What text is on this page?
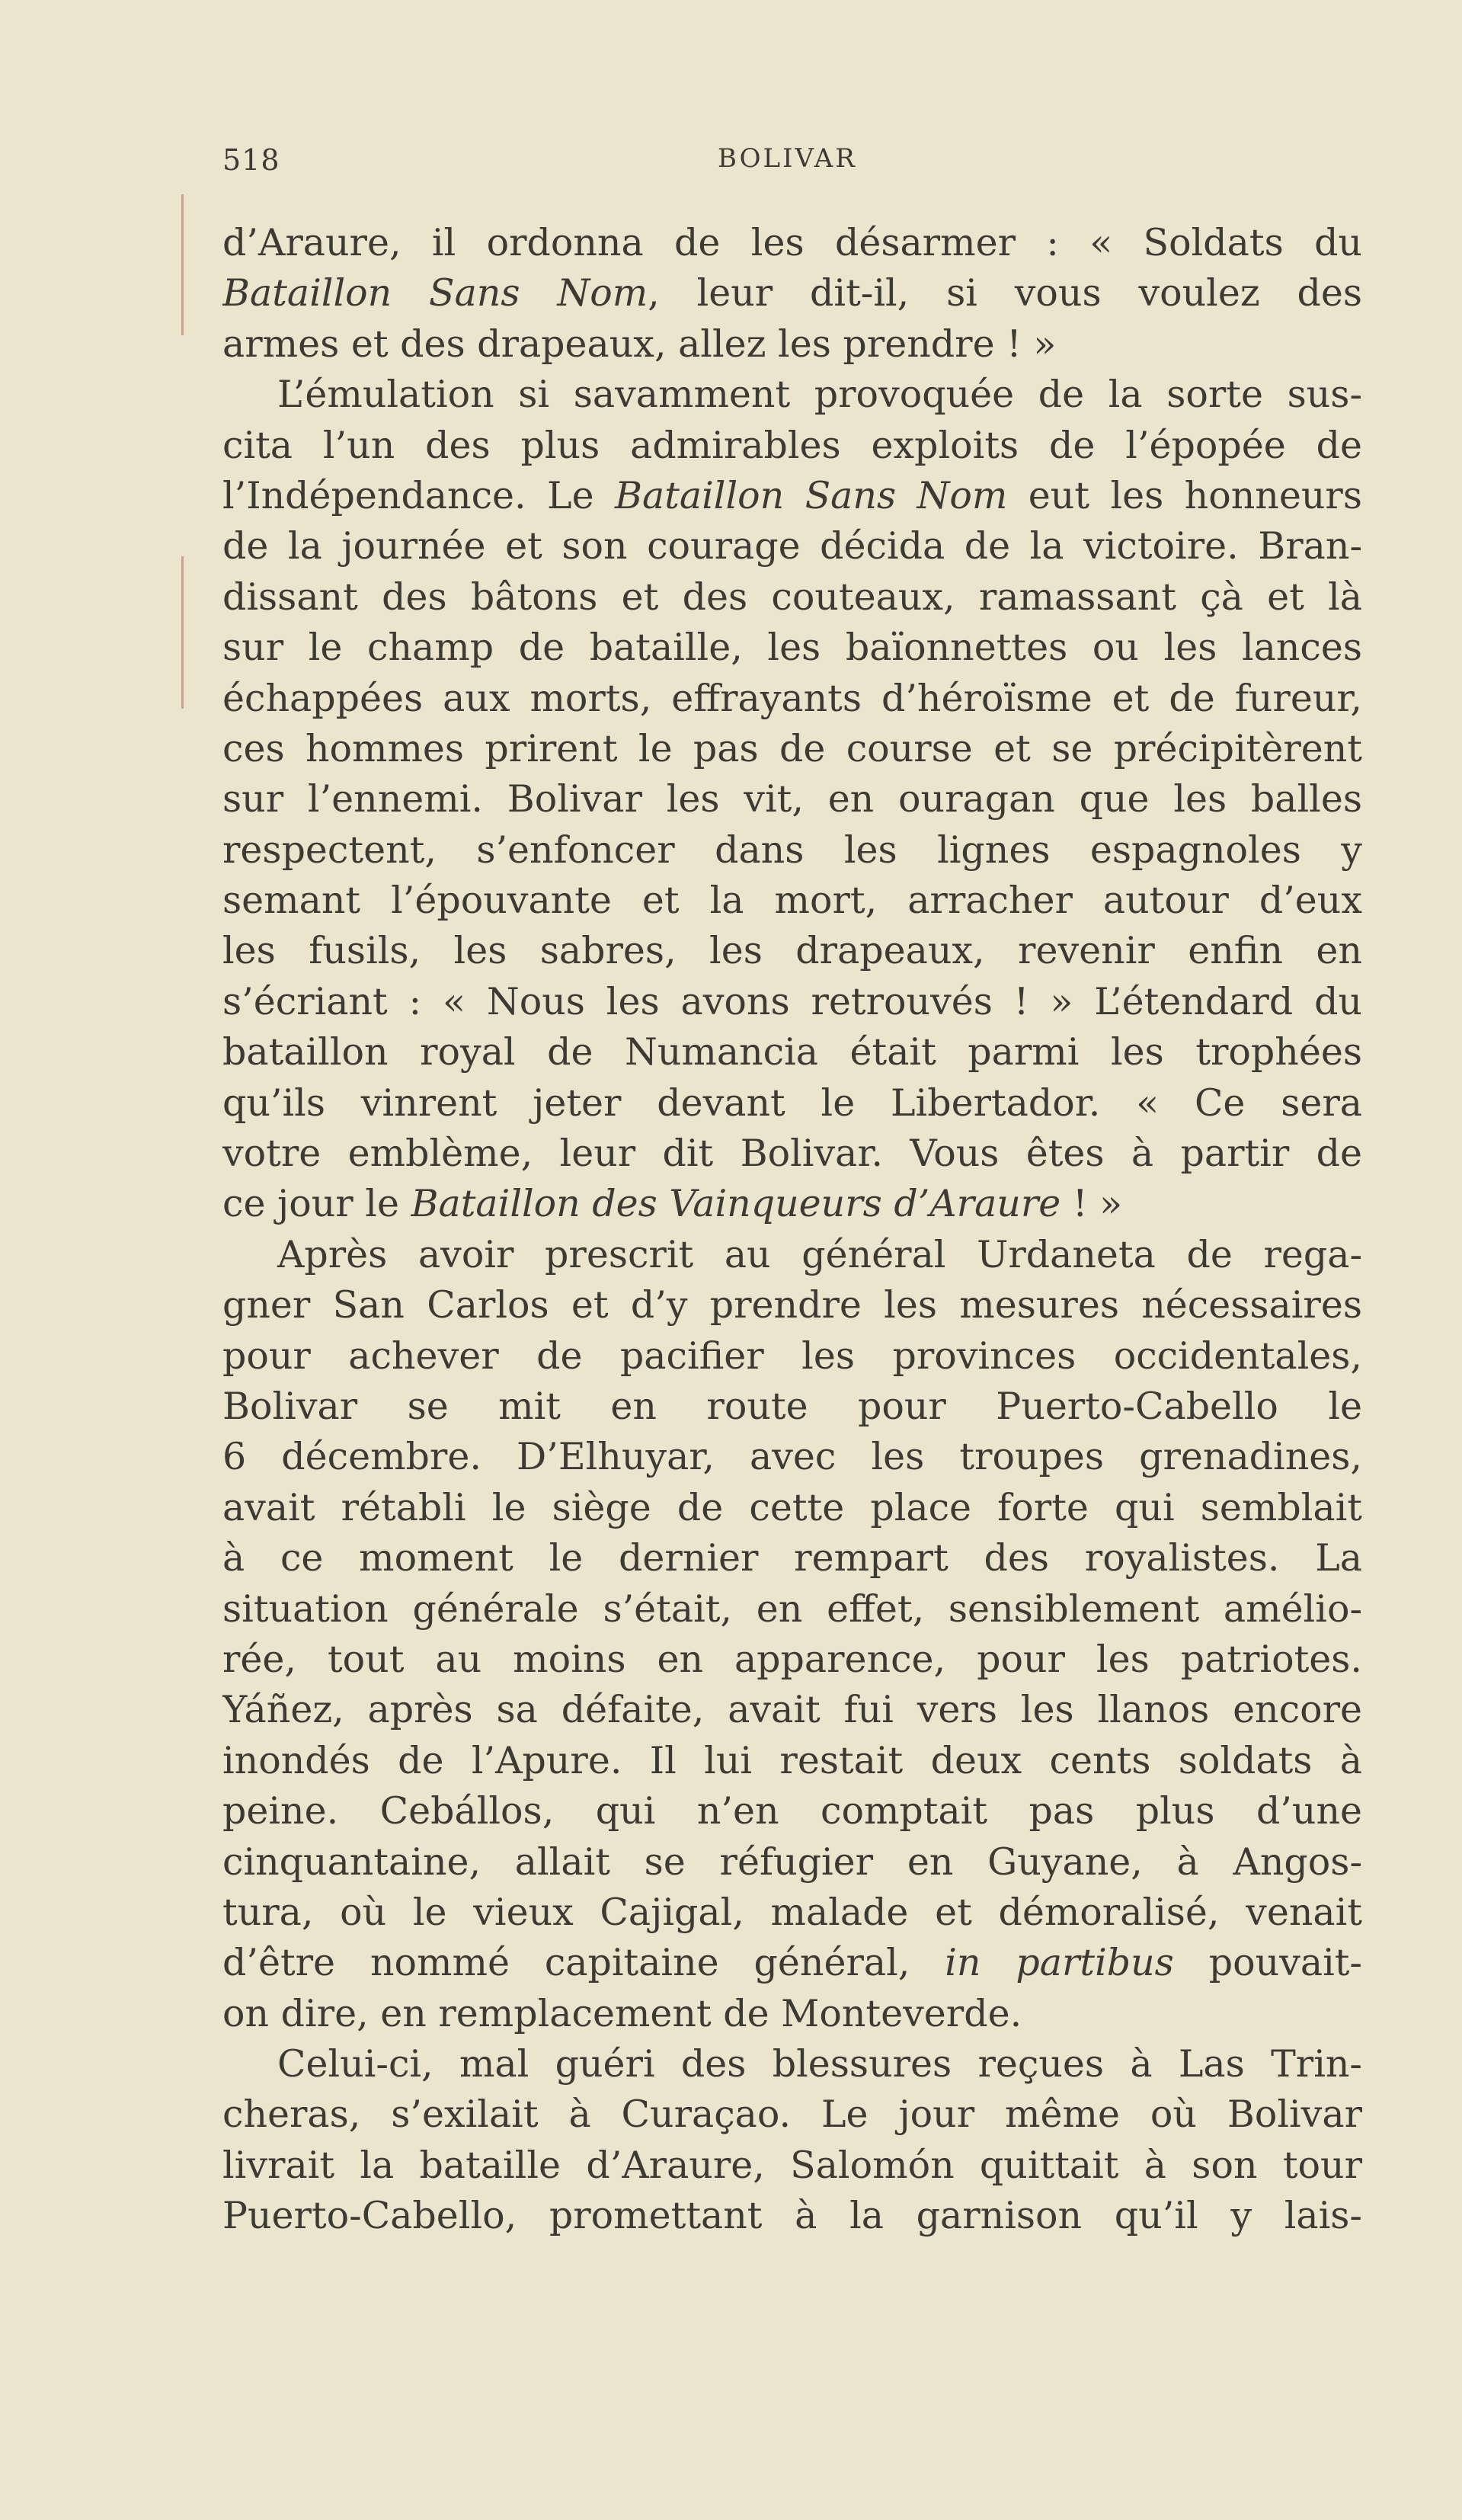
518	BOLIVAR
d’Araure, il ordonna de les désarmer : « Soldats du
Bataillon Sans Nom, leur dit-il, si vous voulez des
armes et des drapeaux, allez les prendre ! »
L’émulation si savamment provoquée de la sorte sus-
cita l’un des plus admirables exploits de l’épopée de
l’Indépendance. Le Bataillon Sans Nom eut les honneurs
de la journée et son courage décida de la victoire. Bran-
dissant des bâtons et des couteaux, ramassant çà et là
sur le champ de bataille, les baïonnettes ou les lances
échappées aux morts, effrayants d’héroïsme et de fureur,
ces hommes prirent le pas de course et se précipitèrent
sur l’ennemi. Bolivar les vit, en ouragan que les balles
respectent, s’enfoncer dans les lignes espagnoles y
semant l’épouvante et la mort, arracher autour d’eux
les fusils, les sabres, les drapeaux, revenir enfin en
s’écriant : « Nous les avons retrouvés ! » L’étendard du
bataillon royal de Numancia était parmi les trophées
qu’ils vinrent jeter devant le Libertador. « Ce sera
votre emblème, leur dit Bolivar. Vous êtes à partir de
ce jour le Bataillon des Vainqueurs d’Araure ! »
Après avoir prescrit au général Urdaneta de rega-
gner San Carlos et d’y prendre les mesures nécessaires
pour achever de pacifier les provinces occidentales,
Bolivar se mit en route pour Puerto-Cabello le
6 décembre. D’Elhuyar, avec les troupes grenadines,
avait rétabli le siège de cette place forte qui semblait
à ce moment le dernier rempart des royalistes. La
situation générale s’était, en effet, sensiblement amélio-
rée, tout au moins en apparence, pour les patriotes.
Yáñez, après sa défaite, avait fui vers les llanos encore
inondés de l’Apure. Il lui restait deux cents soldats à
peine. Cebállos, qui n’en comptait pas plus d’une
cinquantaine, allait se réfugier en Guyane, à Angos-
tura, où le vieux Cajigal, malade et démoralisé, venait
d’être nommé capitaine général, in partibus pouvait-
on dire, en remplacement de Monteverde.
Celui-ci, mal guéri des blessures reçues à Las Trin-
cheras, s’exilait à Curaçao. Le jour même où Bolivar
livrait la bataille d’Araure, Salomón quittait à son tour
Puerto-Cabello, promettant à la garnison qu’il y lais-
